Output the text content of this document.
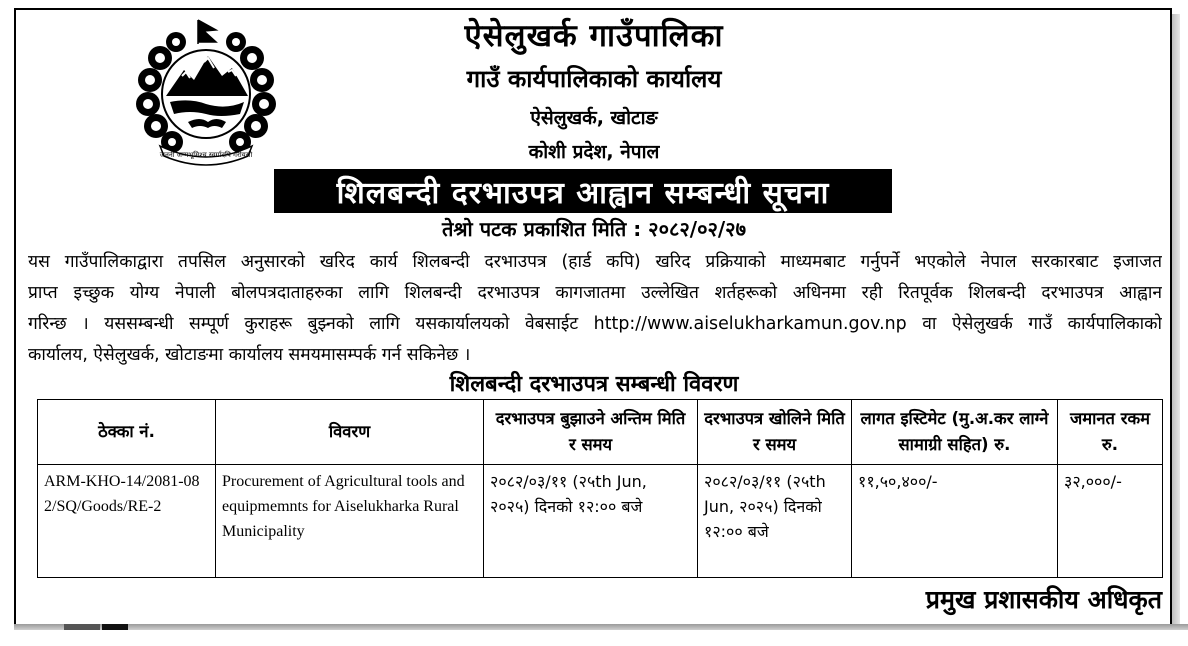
जननी जन्मभूमिश्च स्वर्गादपि गरीयसी
ऐसेलुखर्क गाउँपालिका
गाउँ कार्यपालिकाको कार्यालय
ऐसेलुखर्क, खोटाङ
कोशी प्रदेश, नेपाल
शिलबन्दी दरभाउपत्र आह्वान सम्बन्धी सूचना
तेश्रो पटक प्रकाशित मिति : २०८२/०२/२७
यस गाउँपालिकाद्वारा तपसिल अनुसारको खरिद कार्य शिलबन्दी दरभाउपत्र (हार्ड कपि) खरिद प्रक्रियाको माध्यमबाट गर्नुपर्ने भएकोले नेपाल सरकारबाट इजाजत
प्राप्त इच्छुक योग्य नेपाली बोलपत्रदाताहरुका लागि शिलबन्दी दरभाउपत्र कागजातमा उल्लेखित शर्तहरूको अधिनमा रही रितपूर्वक शिलबन्दी दरभाउपत्र आह्वान
गरिन्छ । यससम्बन्धी सम्पूर्ण कुराहरू बुझ्नको लागि यसकार्यालयको वेबसाईट http://www.aiselukharkamun.gov.np वा ऐसेलुखर्क गाउँ कार्यपालिकाको
कार्यालय, ऐसेलुखर्क, खोटाङमा कार्यालय समयमासम्पर्क गर्न सकिनेछ ।
शिलबन्दी दरभाउपत्र सम्बन्धी विवरण
ठेक्का नं.	विवरण	दरभाउपत्र बुझाउने अन्तिम मिति र समय	दरभाउपत्र खोलिने मिति र समय	लागत इस्टिमेट (मु.अ.कर लाग्ने सामाग्री सहित) रु.	जमानत रकम रु.
ARM-KHO-14/2081-082/SQ/Goods/RE-2	Procurement of Agricultural tools and equipmemnts for Aiselukharka Rural Municipality	२०८२/०३/११ (२५th Jun, २०२५) दिनको १२:०० बजे	२०८२/०३/११ (२५th Jun, २०२५) दिनको १२:०० बजे	११,५०,४००/-	३२,०००/-
प्रमुख प्रशासकीय अधिकृत
